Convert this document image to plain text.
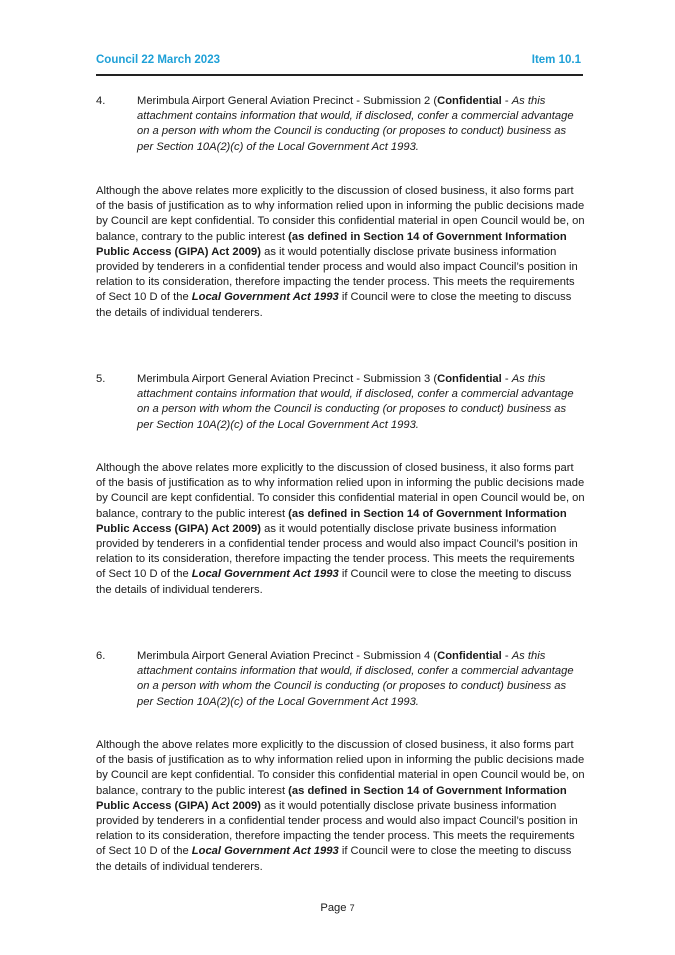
Council 22 March 2023	Item 10.1
4.	Merimbula Airport General Aviation Precinct - Submission 2 (Confidential - As this attachment contains information that would, if disclosed, confer a commercial advantage on a person with whom the Council is conducting (or proposes to conduct) business as per Section 10A(2)(c) of the Local Government Act 1993.
Although the above relates more explicitly to the discussion of closed business, it also forms part of the basis of justification as to why information relied upon in informing the public decisions made by Council are kept confidential. To consider this confidential material in open Council would be, on balance, contrary to the public interest (as defined in Section 14 of Government Information Public Access (GIPA) Act 2009) as it would potentially disclose private business information provided by tenderers in a confidential tender process and would also impact Council’s position in relation to its consideration, therefore impacting the tender process. This meets the requirements of Sect 10 D of the Local Government Act 1993 if Council were to close the meeting to discuss the details of individual tenderers.
5.	Merimbula Airport General Aviation Precinct - Submission 3 (Confidential - As this attachment contains information that would, if disclosed, confer a commercial advantage on a person with whom the Council is conducting (or proposes to conduct) business as per Section 10A(2)(c) of the Local Government Act 1993.
Although the above relates more explicitly to the discussion of closed business, it also forms part of the basis of justification as to why information relied upon in informing the public decisions made by Council are kept confidential. To consider this confidential material in open Council would be, on balance, contrary to the public interest (as defined in Section 14 of Government Information Public Access (GIPA) Act 2009) as it would potentially disclose private business information provided by tenderers in a confidential tender process and would also impact Council’s position in relation to its consideration, therefore impacting the tender process. This meets the requirements of Sect 10 D of the Local Government Act 1993 if Council were to close the meeting to discuss the details of individual tenderers.
6.	Merimbula Airport General Aviation Precinct - Submission 4 (Confidential - As this attachment contains information that would, if disclosed, confer a commercial advantage on a person with whom the Council is conducting (or proposes to conduct) business as per Section 10A(2)(c) of the Local Government Act 1993.
Although the above relates more explicitly to the discussion of closed business, it also forms part of the basis of justification as to why information relied upon in informing the public decisions made by Council are kept confidential. To consider this confidential material in open Council would be, on balance, contrary to the public interest (as defined in Section 14 of Government Information Public Access (GIPA) Act 2009) as it would potentially disclose private business information provided by tenderers in a confidential tender process and would also impact Council’s position in relation to its consideration, therefore impacting the tender process. This meets the requirements of Sect 10 D of the Local Government Act 1993 if Council were to close the meeting to discuss the details of individual tenderers.
Page 7
